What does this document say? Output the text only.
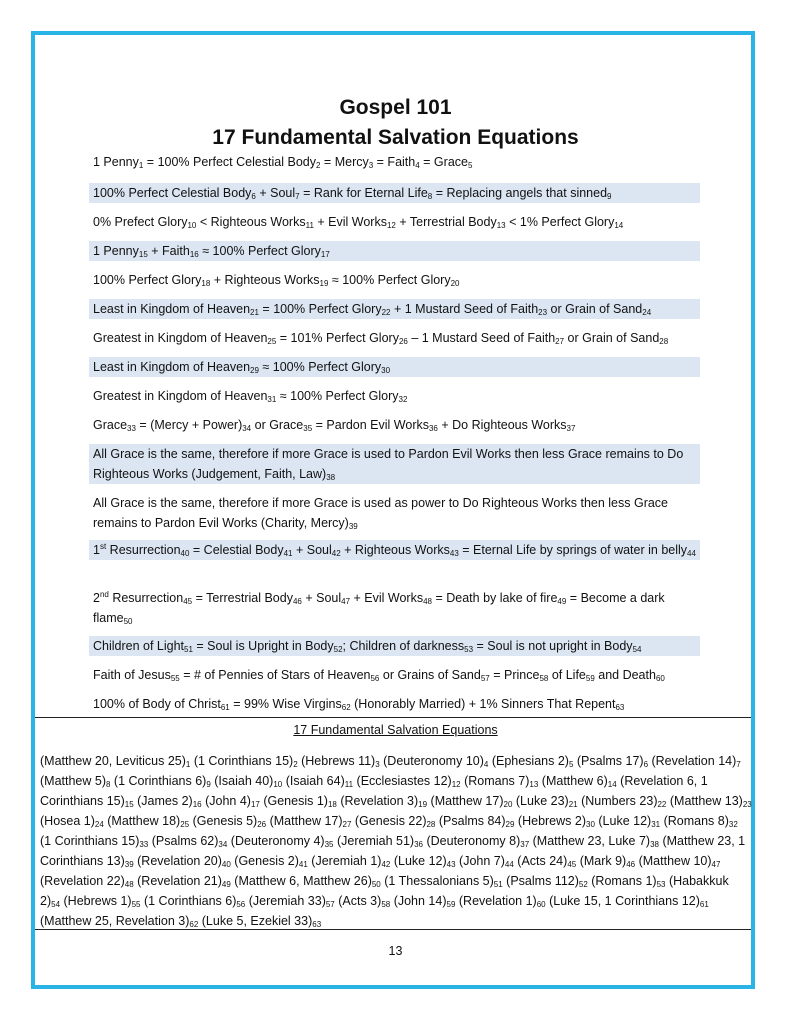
Gospel 101
17 Fundamental Salvation Equations
1 Penny$_1$ = 100% Perfect Celestial Body$_2$ = Mercy$_3$ = Faith$_4$ = Grace$_5$
100% Perfect Celestial Body$_6$ + Soul$_7$ = Rank for Eternal Life$_8$ = Replacing angels that sinned$_9$
0% Prefect Glory$_{10}$ < Righteous Works$_{11}$ + Evil Works$_{12}$ + Terrestrial Body$_{13}$ < 1% Perfect Glory$_{14}$
1 Penny$_{15}$ + Faith$_{16}$ ≈ 100% Perfect Glory$_{17}$
100% Perfect Glory$_{18}$ + Righteous Works$_{19}$ ≈ 100% Perfect Glory$_{20}$
Least in Kingdom of Heaven$_{21}$ = 100% Perfect Glory$_{22}$ + 1 Mustard Seed of Faith$_{23}$ or Grain of Sand$_{24}$
Greatest in Kingdom of Heaven$_{25}$ = 101% Perfect Glory$_{26}$ – 1 Mustard Seed of Faith$_{27}$ or Grain of Sand$_{28}$
Least in Kingdom of Heaven$_{29}$ ≈ 100% Perfect Glory$_{30}$
Greatest in Kingdom of Heaven$_{31}$ ≈ 100% Perfect Glory$_{32}$
Grace$_{33}$ = (Mercy + $Power)_{34}$ or Grace$_{35}$ = Pardon Evil Works$_{36}$ + Do Righteous Works$_{37}$
All Grace is the same, therefore if more Grace is used to Pardon Evil Works then less Grace remains to Do Righteous Works (Judgement, Faith, $Law)_{38}$
All Grace is the same, therefore if more Grace is used as power to Do Righteous Works then less Grace remains to Pardon Evil Works (Charity, $Mercy)_{39}$
1st Resurrection$_{40}$ = Celestial Body$_{41}$ + Soul$_{42}$ + Righteous Works$_{43}$ = Eternal Life by springs of water in belly$_{44}$
2nd Resurrection$_{45}$ = Terrestrial Body$_{46}$ + Soul$_{47}$ + Evil Works$_{48}$ = Death by lake of fire$_{49}$ = Become a dark flame$_{50}$
Children of Light$_{51}$ = Soul is Upright in Body$_{52}$; Children of darkness$_{53}$ = Soul is not upright in Body$_{54}$
Faith of Jesus$_{55}$ = # of Pennies of Stars of Heaven$_{56}$ or Grains of Sand$_{57}$ = Prince$_{58}$ of Life$_{59}$ and Death$_{60}$
100% of Body of Christ$_{61}$ = 99% Wise Virgins$_{62}$ (Honorably Married) + 1% Sinners That Repent$_{63}$
17 Fundamental Salvation Equations
(Matthew 20, Leviticus $25)_1$ (1 Corinthians $15)_2$ (Hebrews $11)_3$ (Deuteronomy $10)_4$ (Ephesians $2)_5$ (Psalms $17)_6$ (Revelation $14)_7$ (Matthew $5)_8$ (1 Corinthians $6)_9$ (Isaiah $40)_{10}$ (Isaiah $64)_{11}$ (Ecclesiastes $12)_{12}$ (Romans $7)_{13}$ (Matthew $6)_{14}$ (Revelation 6, 1 Corinthians $15)_{15}$ (James $2)_{16}$ (John $4)_{17}$ (Genesis $1)_{18}$ (Revelation $3)_{19}$ (Matthew $17)_{20}$ (Luke $23)_{21}$ (Numbers $23)_{22}$ (Matthew $13)_{23}$ (Hosea $1)_{24}$ (Matthew $18)_{25}$ (Genesis $5)_{26}$ (Matthew $17)_{27}$ (Genesis $22)_{28}$ (Psalms $84)_{29}$ (Hebrews $2)_{30}$ (Luke $12)_{31}$ (Romans $8)_{32}$ (1 Corinthians $15)_{33}$ (Psalms $62)_{34}$ (Deuteronomy $4)_{35}$ (Jeremiah $51)_{36}$ (Deuteronomy $8)_{37}$ (Matthew 23, Luke $7)_{38}$ (Matthew 23, 1 Corinthians $13)_{39}$ (Revelation $20)_{40}$ (Genesis $2)_{41}$ (Jeremiah $1)_{42}$ (Luke $12)_{43}$ (John $7)_{44}$ (Acts $24)_{45}$ (Mark $9)_{46}$ (Matthew $10)_{47}$ (Revelation $22)_{48}$ (Revelation $21)_{49}$ (Matthew 6, Matthew $26)_{50}$ (1 Thessalonians $5)_{51}$ (Psalms $112)_{52}$ (Romans $1)_{53}$ (Habakkuk $2)_{54}$ (Hebrews $1)_{55}$ (1 Corinthians $6)_{56}$ (Jeremiah $33)_{57}$ (Acts $3)_{58}$ (John $14)_{59}$ (Revelation $1)_{60}$ (Luke 15, 1 Corinthians $12)_{61}$ (Matthew 25, Revelation $3)_{62}$ (Luke 5, Ezekiel $33)_{63}$
13
